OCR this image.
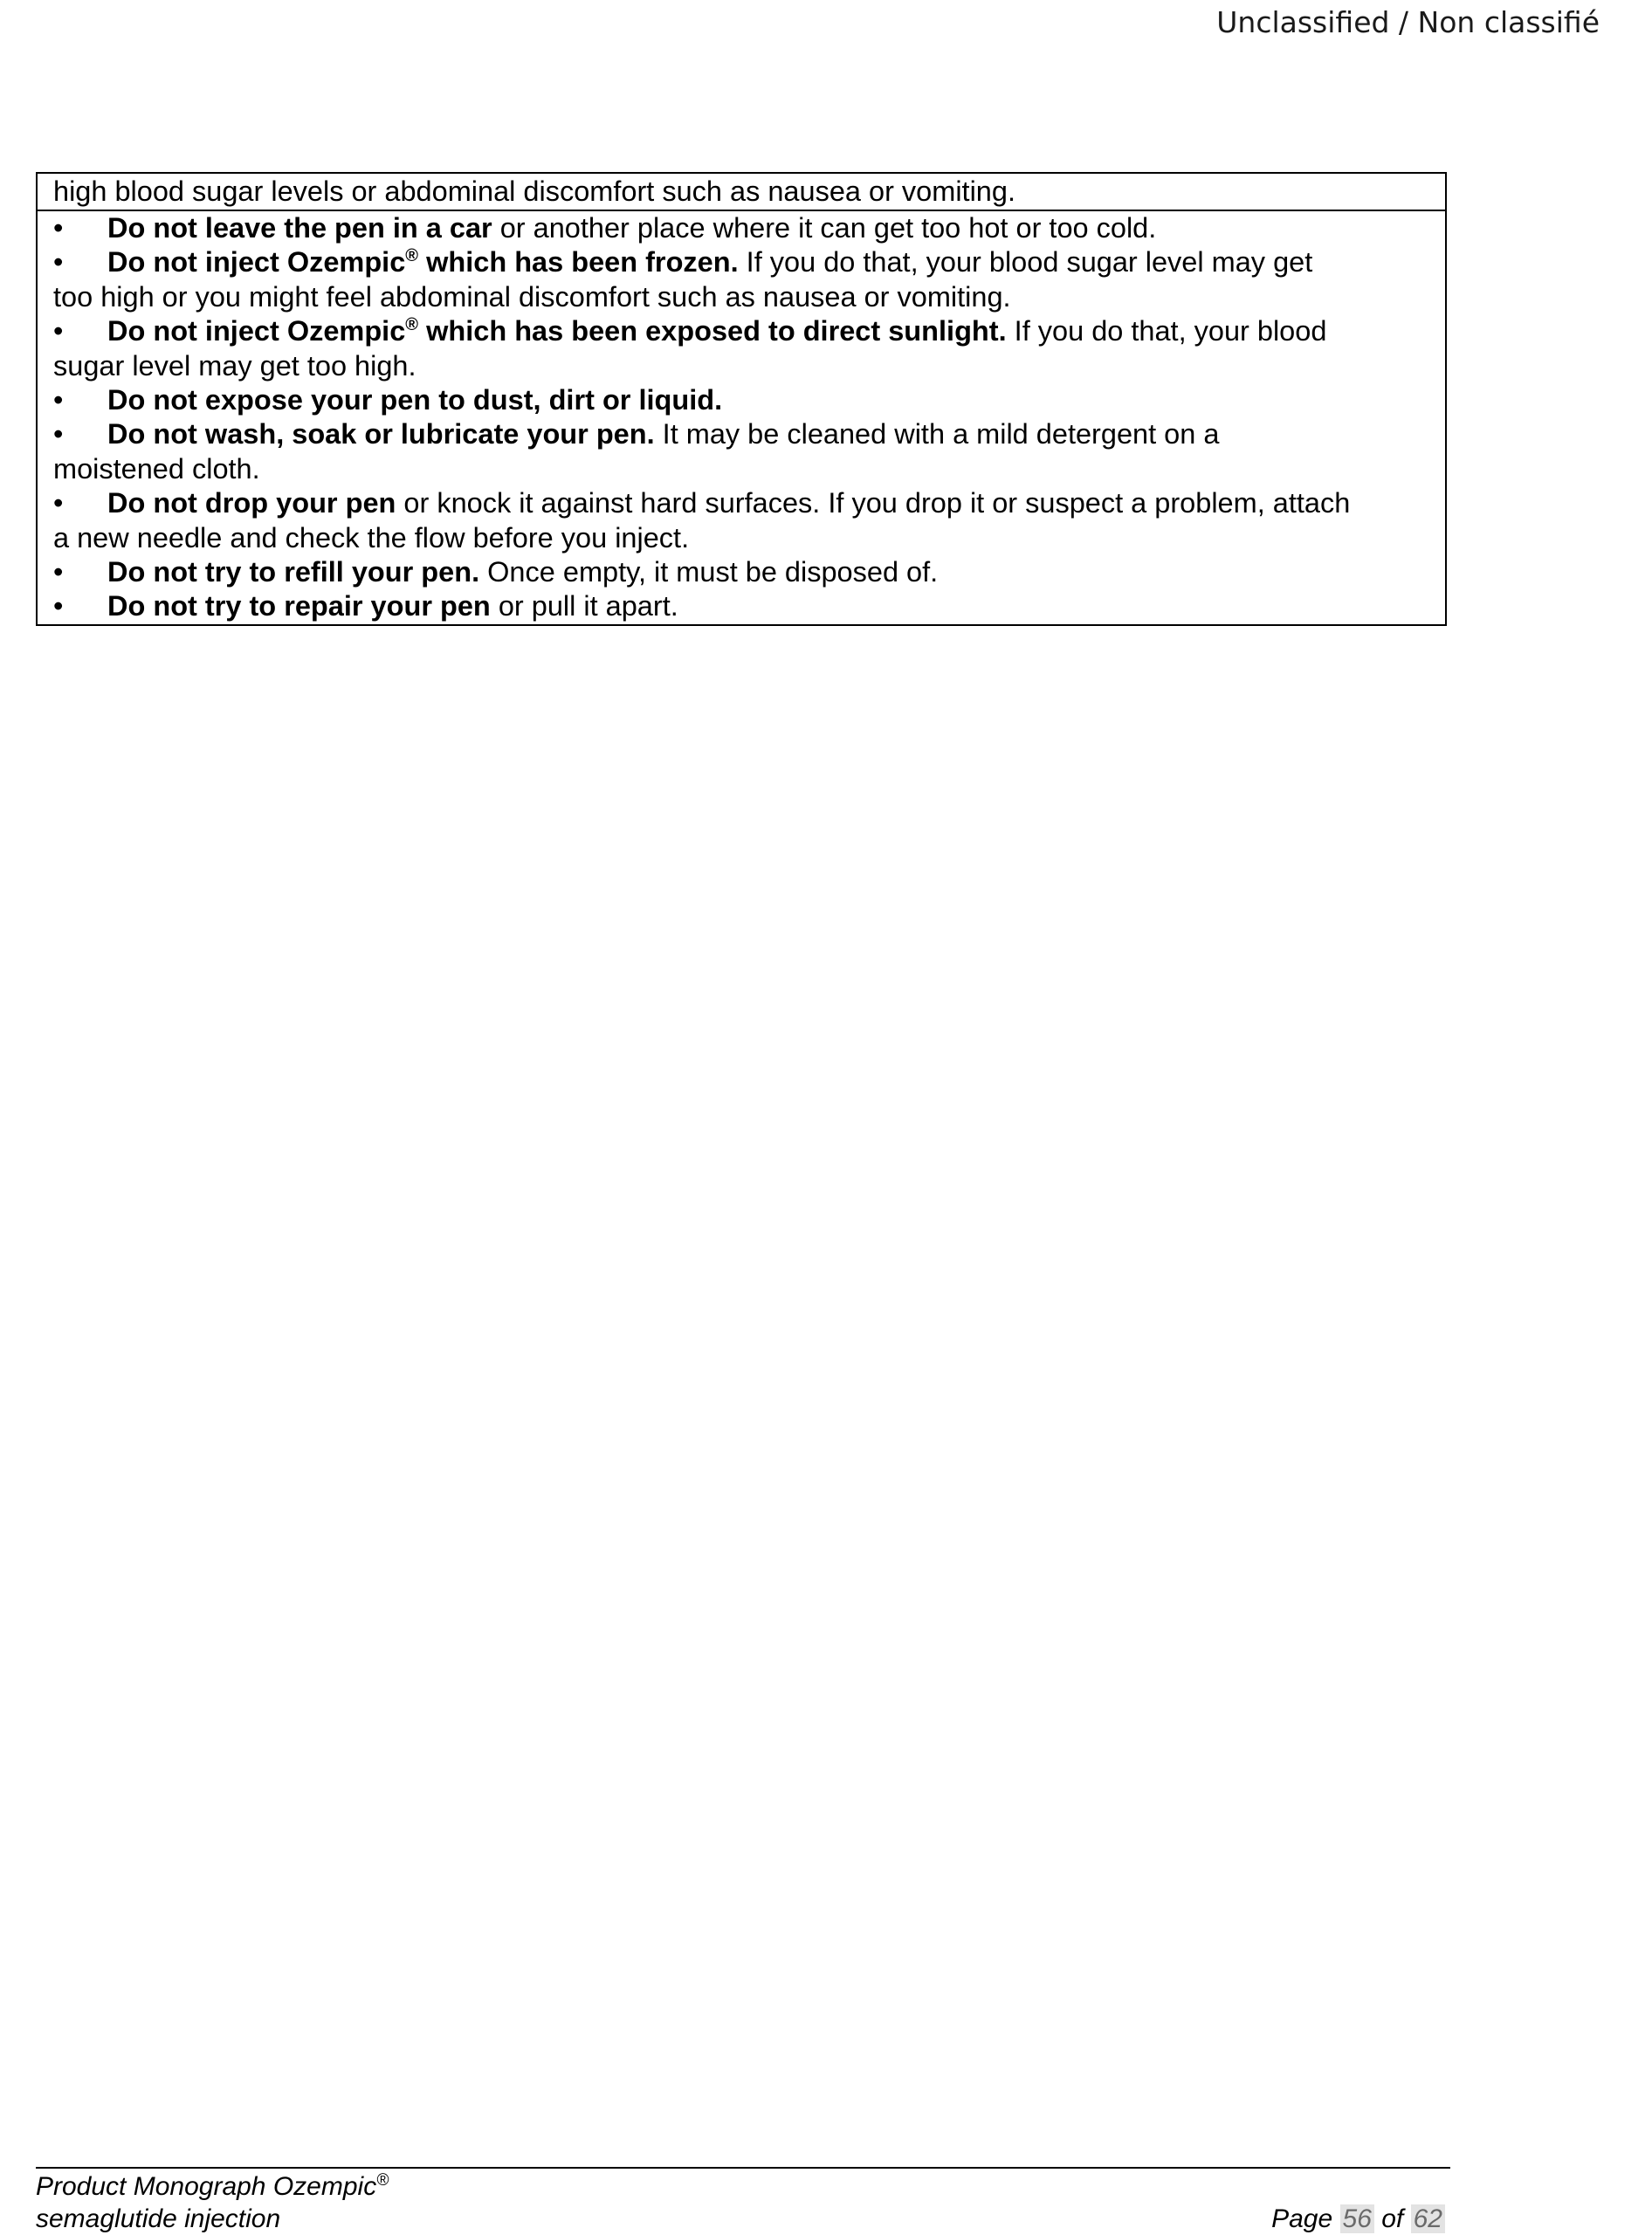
Unclassified / Non classifié
high blood sugar levels or abdominal discomfort such as nausea or vomiting.
• Do not leave the pen in a car or another place where it can get too hot or too cold.
• Do not inject Ozempic® which has been frozen. If you do that, your blood sugar level may get
too high or you might feel abdominal discomfort such as nausea or vomiting.
• Do not inject Ozempic® which has been exposed to direct sunlight. If you do that, your blood
sugar level may get too high.
• Do not expose your pen to dust, dirt or liquid.
• Do not wash, soak or lubricate your pen. It may be cleaned with a mild detergent on a
moistened cloth.
• Do not drop your pen or knock it against hard surfaces. If you drop it or suspect a problem, attach
a new needle and check the flow before you inject.
• Do not try to refill your pen. Once empty, it must be disposed of.
• Do not try to repair your pen or pull it apart.
Product Monograph Ozempic®
semaglutide injection	Page 56 of 62
